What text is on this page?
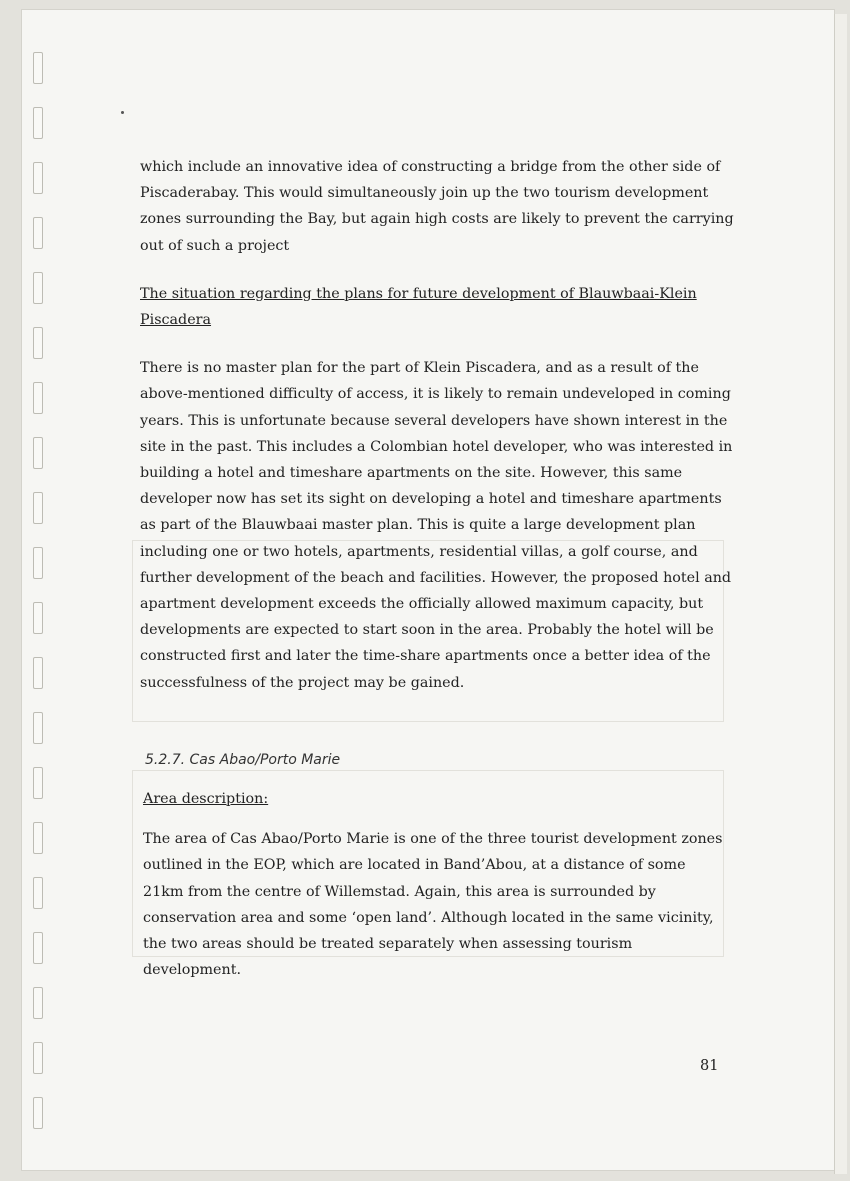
which include an innovative idea of constructing a bridge from the other side of Piscaderabay. This would simultaneously join up the two tourism development zones surrounding the Bay, but again high costs are likely to prevent the carrying out of such a project

The situation regarding the plans for future development of Blauwbaai-Klein Piscadera

There is no master plan for the part of Klein Piscadera, and as a result of the above-mentioned difficulty of access, it is likely to remain undeveloped in coming years. This is unfortunate because several developers have shown interest in the site in the past. This includes a Colombian hotel developer, who was interested in building a hotel and timeshare apartments on the site. However, this same developer now has set its sight on developing a hotel and timeshare apartments as part of the Blauwbaai master plan. This is quite a large development plan including one or two hotels, apartments, residential villas, a golf course, and further development of the beach and facilities. However, the proposed hotel and apartment development exceeds the officially allowed maximum capacity, but developments are expected to start soon in the area. Probably the hotel will be constructed first and later the time-share apartments once a better idea of the successfulness of the project may be gained.

5.2.7. Cas Abao/Porto Marie

Area description:

The area of Cas Abao/Porto Marie is one of the three tourist development zones outlined in the EOP, which are located in Band’Abou, at a distance of some 21km from the centre of Willemstad. Again, this area is surrounded by conservation area and some ‘open land’. Although located in the same vicinity, the two areas should be treated separately when assessing tourism development.

81
